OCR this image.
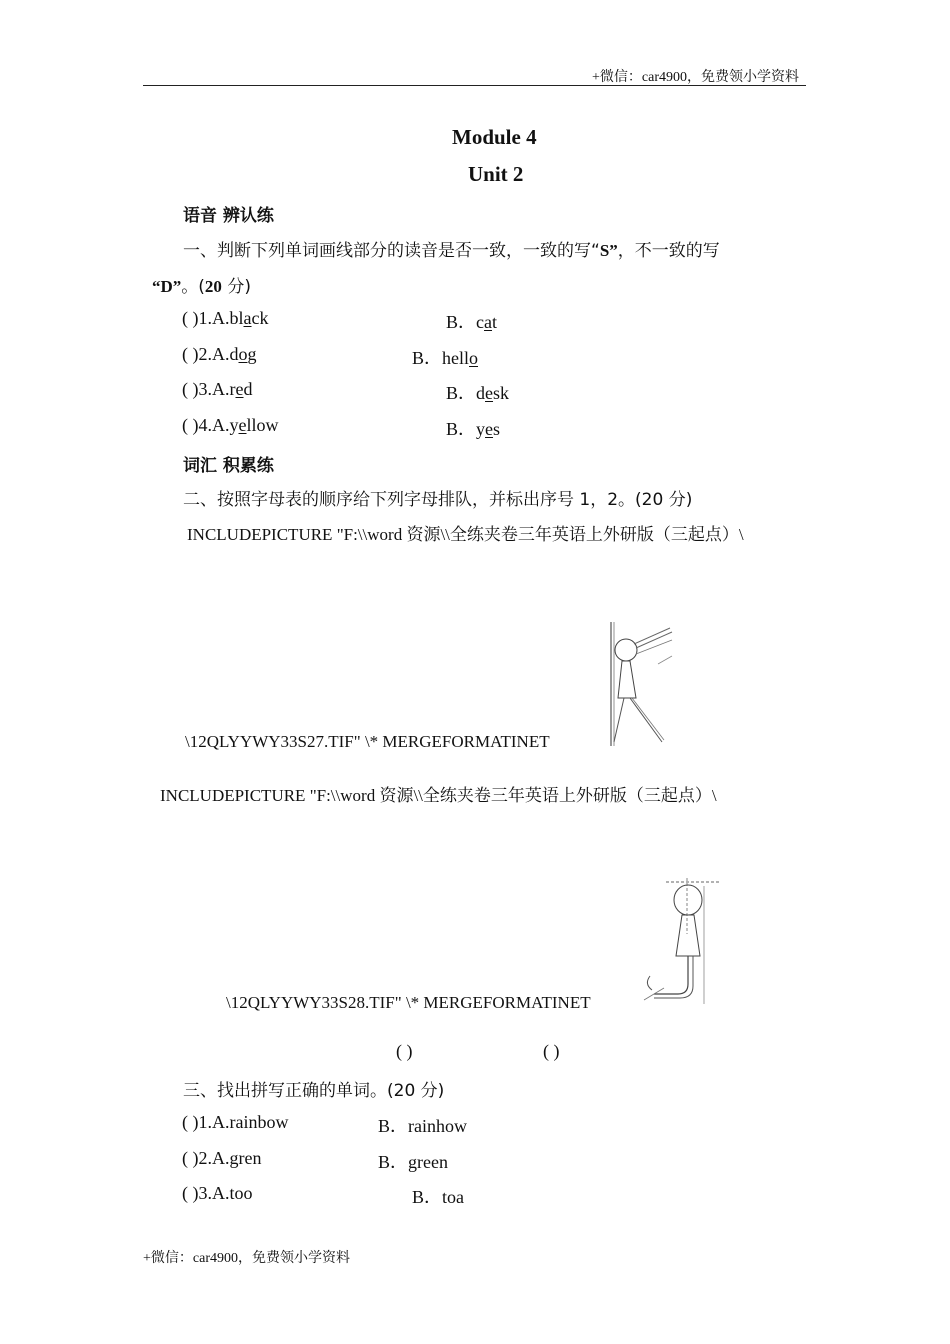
+微信：car4900，免费领小学资料
Module 4
Unit 2
语音 辨认练
一、判断下列单词画线部分的读音是否一致，一致的写“S”，不一致的写
“D”。(20 分)
( )1.A.black	B．cat
( )2.A.dog	B．hello
( )3.A.red	B．desk
( )4.A.yellow	B．yes
词汇 积累练
二、按照字母表的顺序给下列字母排队，并标出序号 1，2。(20 分)
INCLUDEPICTURE "F:\\word 资源\\全练夹卷三年英语上外研版（三起点）\
\12QLYYWY33S27.TIF" \* MERGEFORMATINET
INCLUDEPICTURE "F:\\word 资源\\全练夹卷三年英语上外研版（三起点）\
\12QLYYWY33S28.TIF" \* MERGEFORMATINET
( )	( )
三、找出拼写正确的单词。(20 分)
( )1.A.rainbow	B．rainhow
( )2.A.gren	B．green
( )3.A.too	B．toa
+微信：car4900，免费领小学资料
